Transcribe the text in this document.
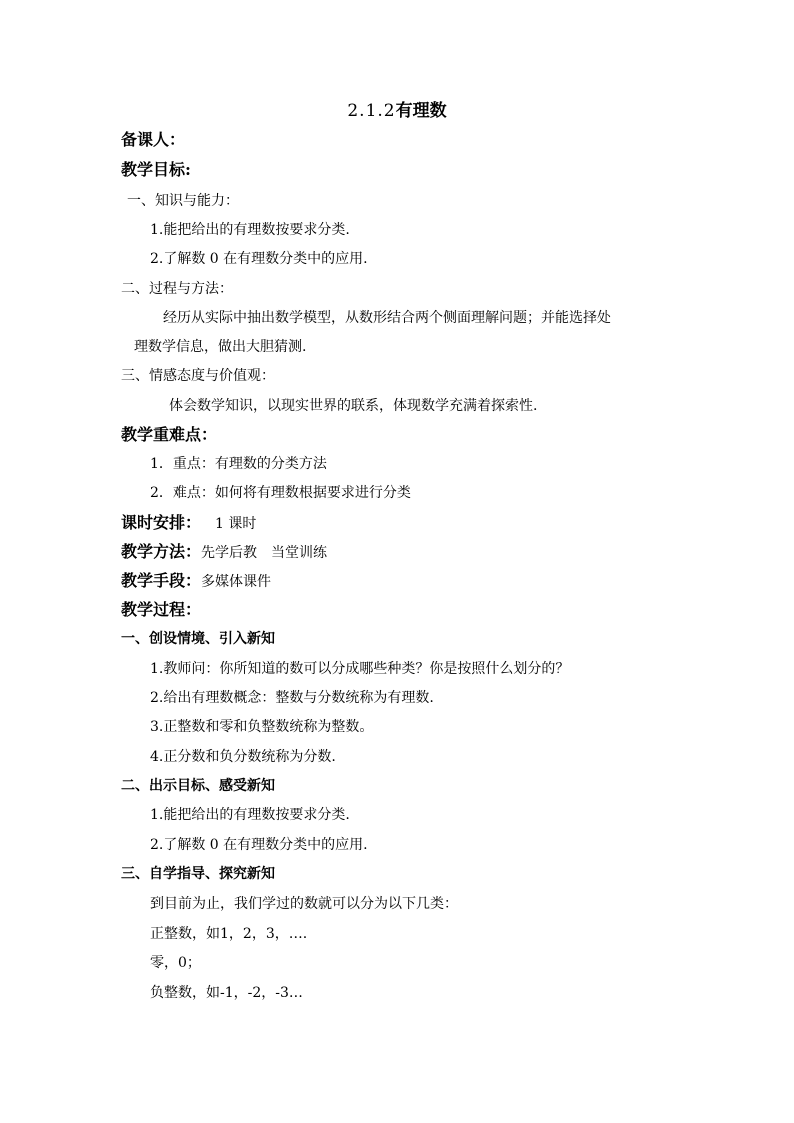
2.1.2有理数
备课人：
教学目标:
一、知识与能力：
1.能把给出的有理数按要求分类.
2.了解数 0 在有理数分类中的应用.
二、过程与方法：
经历从实际中抽出数学模型，从数形结合两个侧面理解问题；并能选择处
理数学信息，做出大胆猜测.
三、情感态度与价值观：
体会数学知识，以现实世界的联系，体现数学充满着探索性.
教学重难点：
1．重点：有理数的分类方法
2．难点：如何将有理数根据要求进行分类
课时安排： 1 课时
教学方法：先学后教　当堂训练
教学手段：多媒体课件
教学过程：
一、创设情境、引入新知
1.教师问：你所知道的数可以分成哪些种类？你是按照什么划分的？
2.给出有理数概念：整数与分数统称为有理数.
3.正整数和零和负整数统称为整数。
4.正分数和负分数统称为分数.
二、出示目标、感受新知
1.能把给出的有理数按要求分类.
2.了解数 0 在有理数分类中的应用.
三、自学指导、探究新知
到目前为止，我们学过的数就可以分为以下几类：
正整数，如1，2，3，….
零，0；
负整数，如-1，-2，-3…
